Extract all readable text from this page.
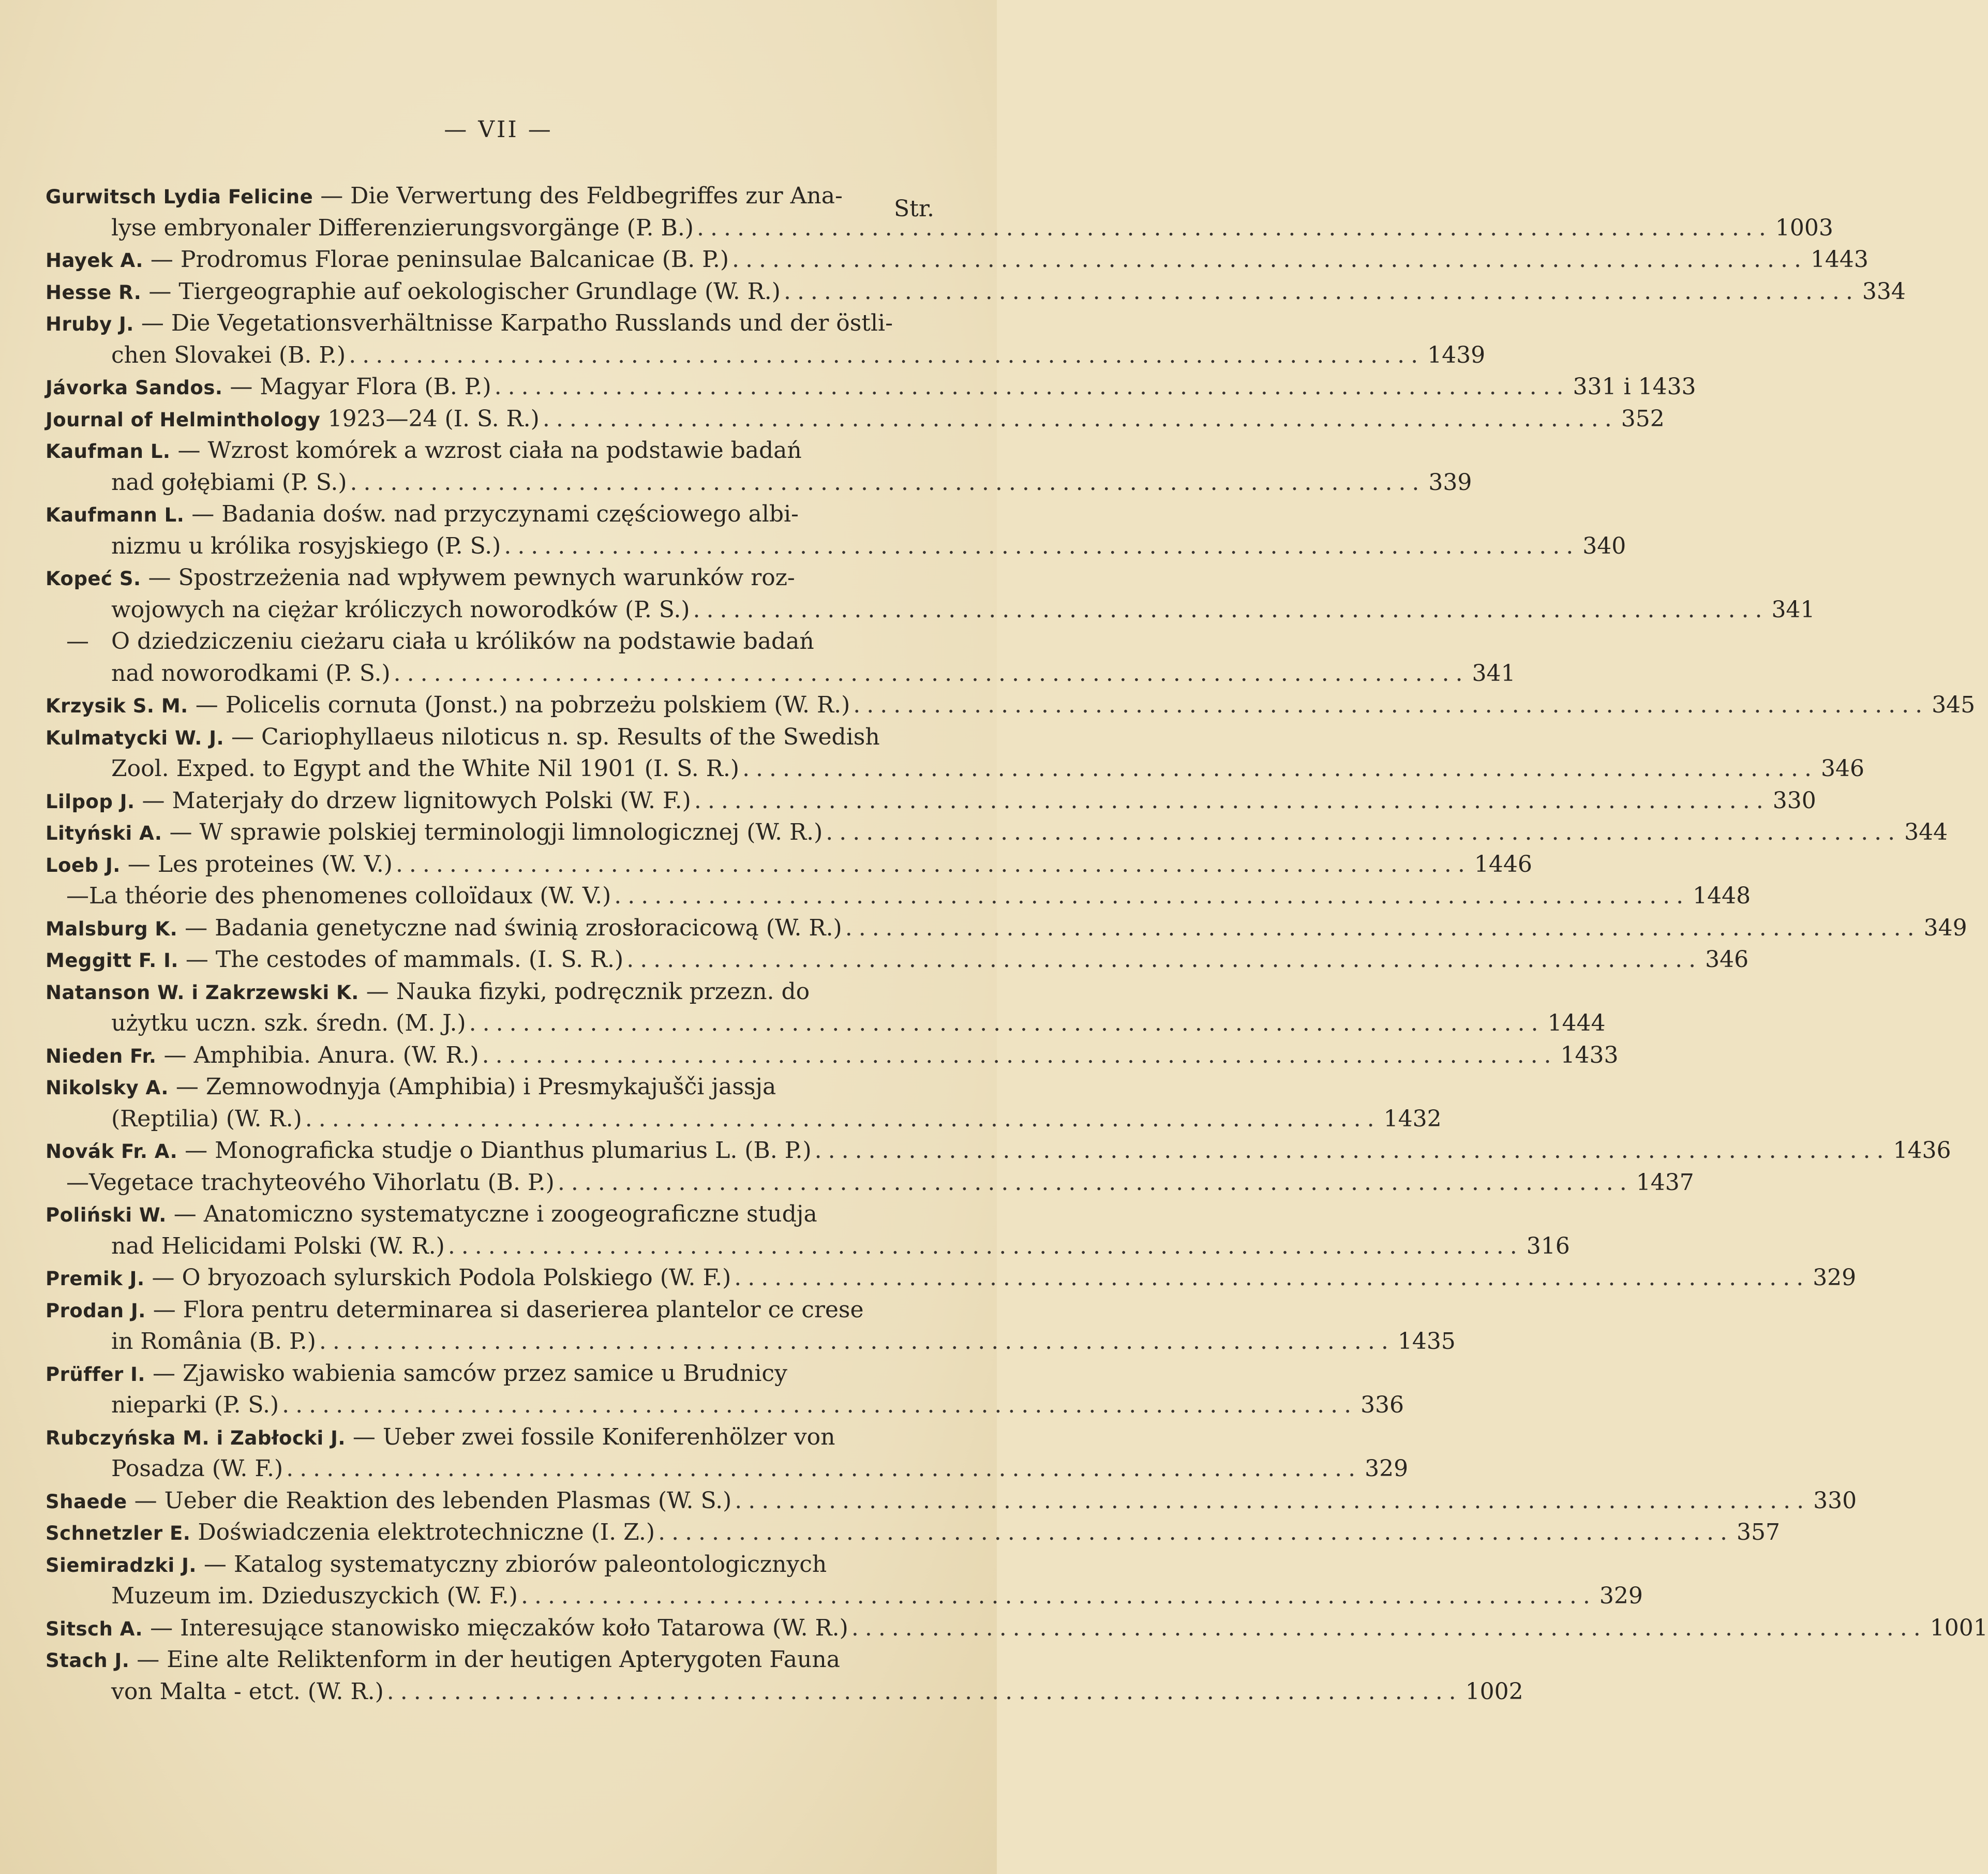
— VII —
Str.
Gurwitsch Lydia Felicine — Die Verwertung des Feldbegriffes zur Ana-
lyse embryonaler Differenzierungsvorgänge (P. B.) ................................................................................ 1003
Hayek A. — Prodromus Florae peninsulae Balcanicae (B. P.) ................................................................................ 1443
Hesse R. — Tiergeographie auf oekologischer Grundlage (W. R.) ................................................................................ 334
Hruby J. — Die Vegetationsverhältnisse Karpatho Russlands und der östli-
chen Slovakei (B. P.) ................................................................................ 1439
Jávorka Sandos. — Magyar Flora (B. P.) ................................................................................ 331 i 1433
Journal of Helminthology 1923—24 (I. S. R.) ................................................................................ 352
Kaufman L. — Wzrost komórek a wzrost ciała na podstawie badań
nad gołębiami (P. S.) ................................................................................ 339
Kaufmann L. — Badania dośw. nad przyczynami częściowego albi-
nizmu u królika rosyjskiego (P. S.) ................................................................................ 340
Kopeć S. — Spostrzeżenia nad wpływem pewnych warunków roz-
wojowych na ciężar króliczych noworodków (P. S.) ................................................................................ 341
— O dziedziczeniu cieżaru ciała u królików na podstawie badań
nad noworodkami (P. S.) ................................................................................ 341
Krzysik S. M. — Policelis cornuta (Jonst.) na pobrzeżu polskiem (W. R.) ................................................................................ 345
Kulmatycki W. J. — Cariophyllaeus niloticus n. sp. Results of the Swedish
Zool. Exped. to Egypt and the White Nil 1901 (I. S. R.) ................................................................................ 346
Lilpop J. — Materjały do drzew lignitowych Polski (W. F.) ................................................................................ 330
Lityński A. — W sprawie polskiej terminologji limnologicznej (W. R.) ................................................................................ 344
Loeb J. — Les proteines (W. V.) ................................................................................ 1446
— La théorie des phenomenes colloïdaux (W. V.) ................................................................................ 1448
Malsburg K. — Badania genetyczne nad świnią zrosłoracicową (W. R.) ................................................................................ 349
Meggitt F. I. — The cestodes of mammals. (I. S. R.) ................................................................................ 346
Natanson W. i Zakrzewski K. — Nauka fizyki, podręcznik przezn. do
użytku uczn. szk. średn. (M. J.) ................................................................................ 1444
Nieden Fr. — Amphibia. Anura. (W. R.) ................................................................................ 1433
Nikolsky A. — Zemnowodnyja (Amphibia) i Presmykajušči jassja
(Reptilia) (W. R.) ................................................................................ 1432
Novák Fr. A. — Monograficka studje o Dianthus plumarius L. (B. P.) ................................................................................ 1436
— Vegetace trachyteového Vihorlatu (B. P.) ................................................................................ 1437
Poliński W. — Anatomiczno systematyczne i zoogeograficzne studja
nad Helicidami Polski (W. R.) ................................................................................ 316
Premik J. — O bryozoach sylurskich Podola Polskiego (W. F.) ................................................................................ 329
Prodan J. — Flora pentru determinarea si daserierea plantelor ce crese
in România (B. P.) ................................................................................ 1435
Prüffer I. — Zjawisko wabienia samców przez samice u Brudnicy
nieparki (P. S.) ................................................................................ 336
Rubczyńska M. i Zabłocki J. — Ueber zwei fossile Koniferenhölzer von
Posadza (W. F.) ................................................................................ 329
Shaede — Ueber die Reaktion des lebenden Plasmas (W. S.) ................................................................................ 330
Schnetzler E. Doświadczenia elektrotechniczne (I. Z.) ................................................................................ 357
Siemiradzki J. — Katalog systematyczny zbiorów paleontologicznych
Muzeum im. Dzieduszyckich (W. F.) ................................................................................ 329
Sitsch A. — Interesujące stanowisko mięczaków koło Tatarowa (W. R.) ................................................................................ 1001
Stach J. — Eine alte Reliktenform in der heutigen Apterygoten Fauna
von Malta - etct. (W. R.) ................................................................................ 1002
